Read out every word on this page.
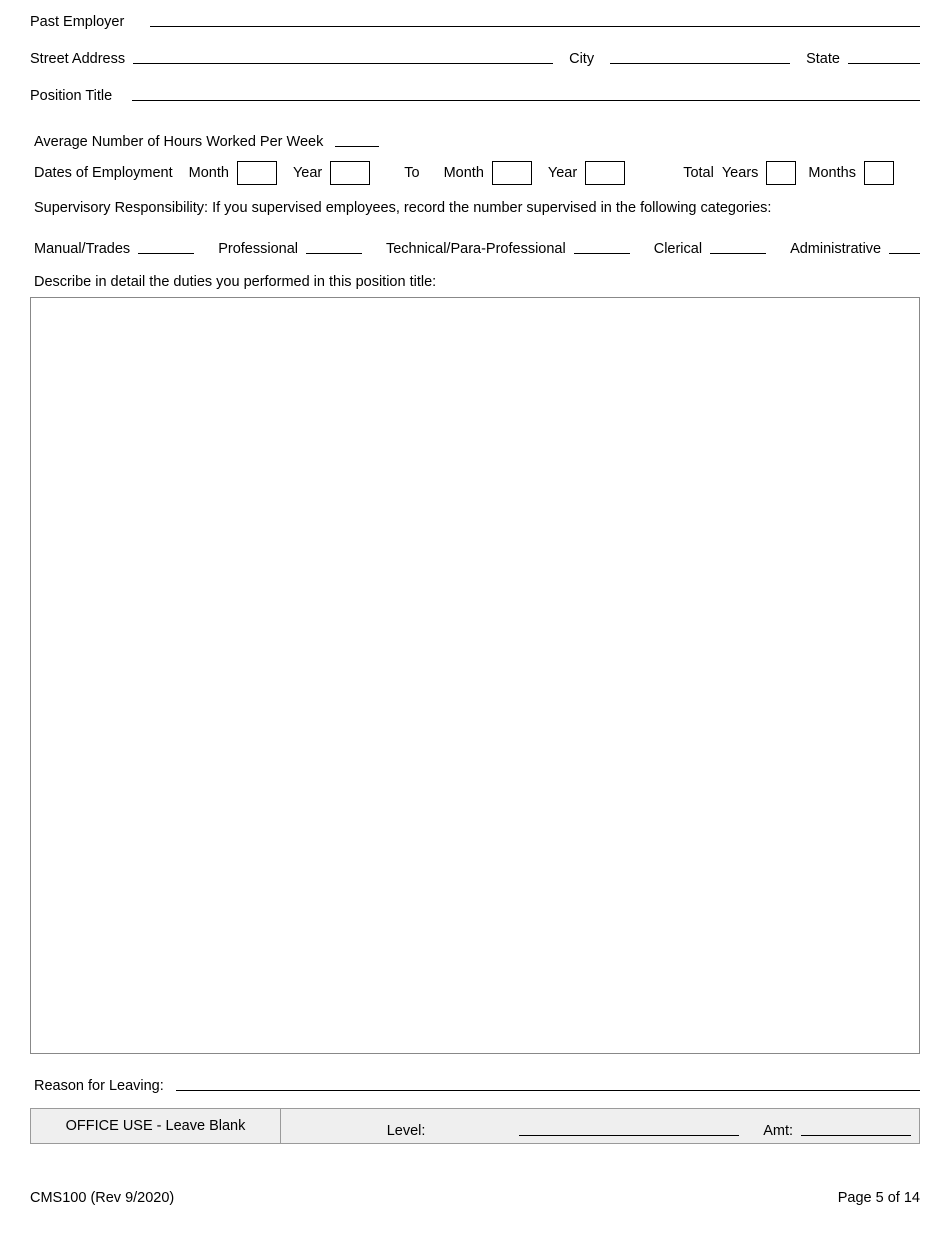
Past Employer
Street Address	City	State
Position Title
Average Number of Hours Worked Per Week
Dates of Employment Month	Year	To Month	Year	Total Years	Months
Supervisory Responsibility: If you supervised employees, record the number supervised in the following categories:
Manual/Trades	Professional	Technical/Para-Professional	Clerical	Administrative
Describe in detail the duties you performed in this position title:
Reason for Leaving:
OFFICE USE - Leave Blank	Level:	Amt:
CMS100 (Rev 9/2020)	Page 5 of 14
